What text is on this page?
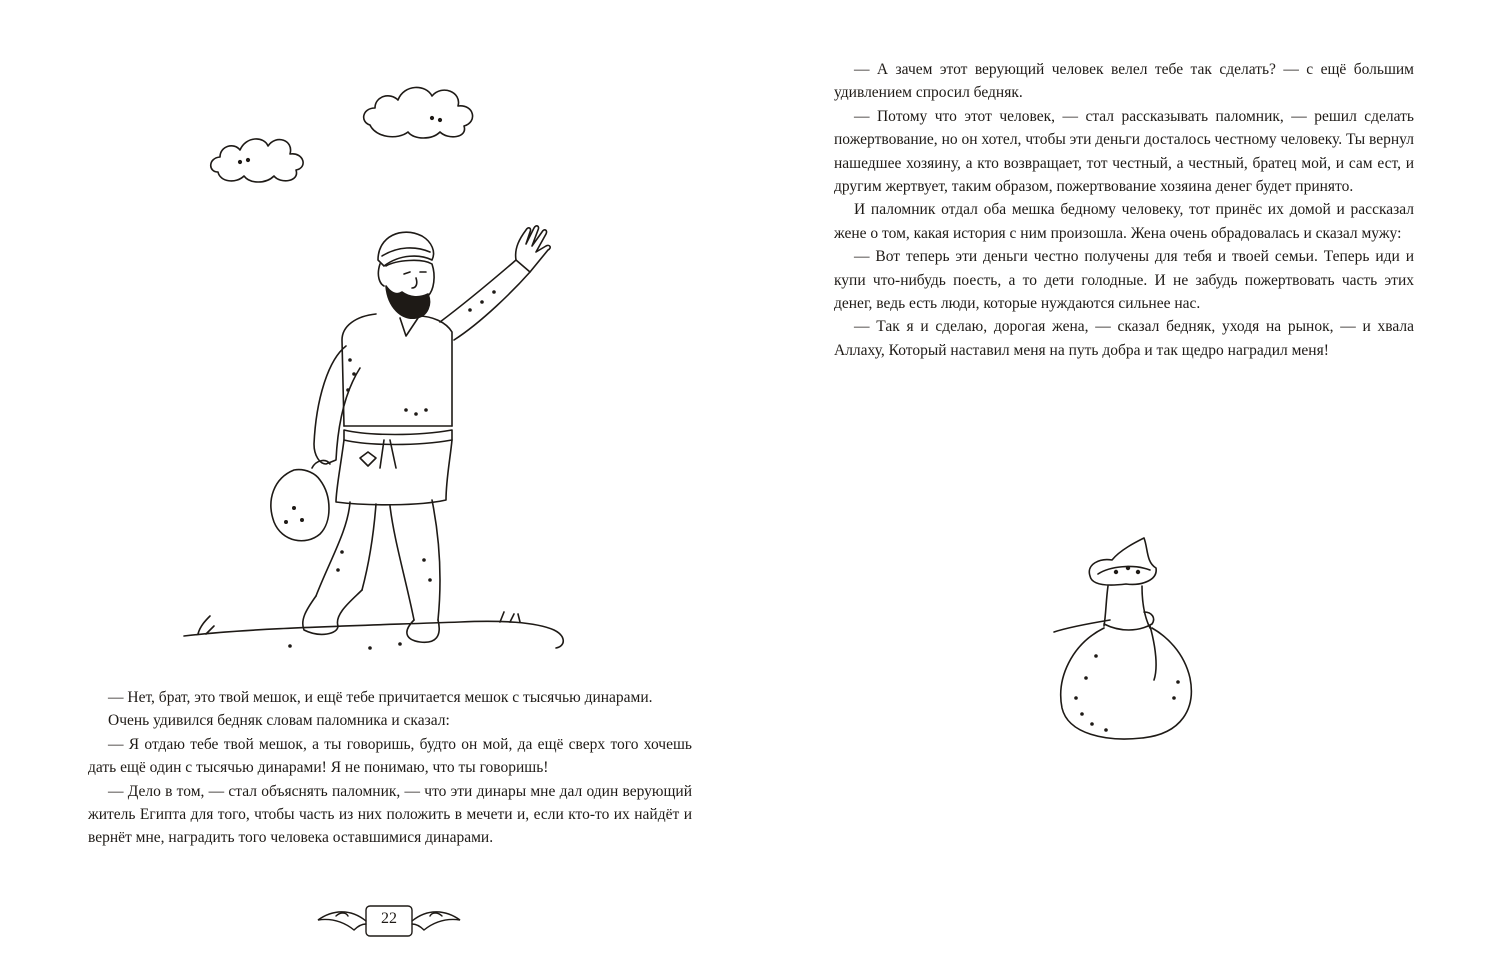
— Нет, брат, это твой мешок, и ещё тебе причитается мешок с тысячью динарами.

Очень удивился бедняк словам паломника и сказал:

— Я отдаю тебе твой мешок, а ты говоришь, будто он мой, да ещё сверх того хочешь дать ещё один с тысячью динарами! Я не понимаю, что ты говоришь!

— Дело в том, — стал объяснять паломник, — что эти динары мне дал один верующий житель Египта для того, чтобы часть из них положить в мечети и, если кто-то их найдёт и вернёт мне, наградить того человека оставшимися динарами.

22

— А зачем этот верующий человек велел тебе так сделать? — с ещё большим удивлением спросил бедняк.

— Потому что этот человек, — стал рассказывать паломник, — решил сделать пожертвование, но он хотел, чтобы эти деньги досталось честному человеку. Ты вернул нашедшее хозяину, а кто возвращает, тот честный, а честный, братец мой, и сам ест, и другим жертвует, таким образом, пожертвование хозяина денег будет принято.

И паломник отдал оба мешка бедному человеку, тот принёс их домой и рассказал жене о том, какая история с ним произошла. Жена очень обрадовалась и сказал мужу:

— Вот теперь эти деньги честно получены для тебя и твоей семьи. Теперь иди и купи что-нибудь поесть, а то дети голодные. И не забудь пожертвовать часть этих денег, ведь есть люди, которые нуждаются сильнее нас.

— Так я и сделаю, дорогая жена, — сказал бедняк, уходя на рынок, — и хвала Аллаху, Который наставил меня на путь добра и так щедро наградил меня!
